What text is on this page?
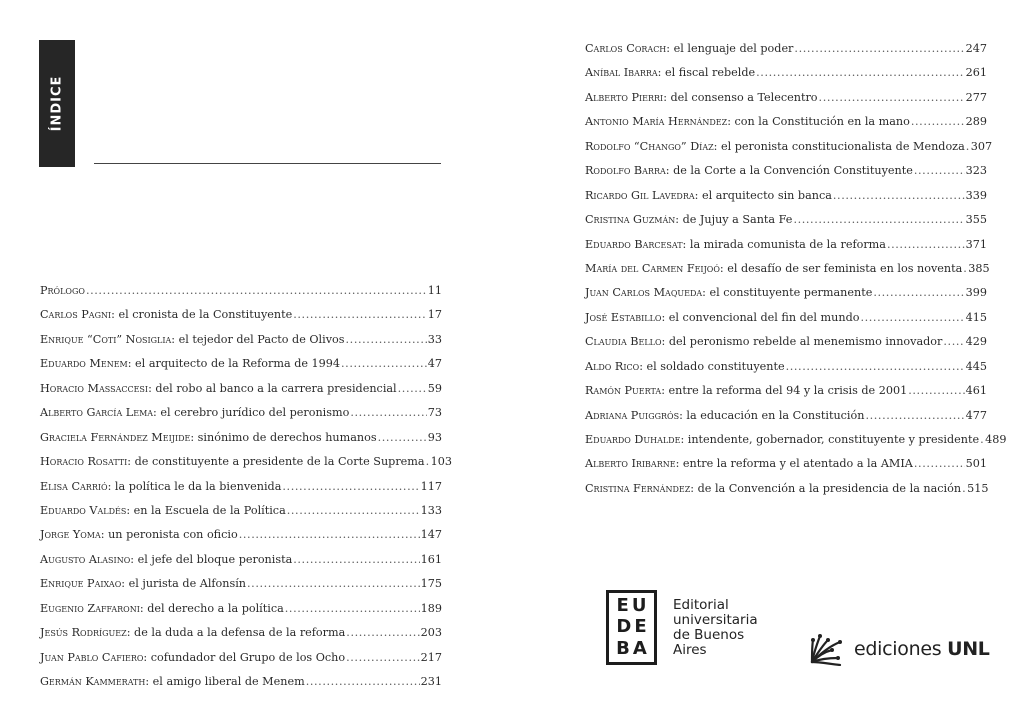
ÍNDICE
Prólogo .....	11
Carlos Pagni: el cronista de la Constituyente .....	17
Enrique “Coti” Nosiglia: el tejedor del Pacto de Olivos .....	33
Eduardo Menem: el arquitecto de la Reforma de 1994 .....	47
Horacio Massaccesi: del robo al banco a la carrera presidencial .....	59
Alberto García Lema: el cerebro jurídico del peronismo .....	73
Graciela Fernández Meijide: sinónimo de derechos humanos .....	93
Horacio Rosatti: de constituyente a presidente de la Corte Suprema ..... 103
Elisa Carrió: la política le da la bienvenida .....	117
Eduardo Valdés: en la Escuela de la Política .....	133
Jorge Yoma: un peronista con oficio .....	147
Augusto Alasino: el jefe del bloque peronista .....	161
Enrique Paixao: el jurista de Alfonsín .....	175
Eugenio Zaffaroni: del derecho a la política .....	189
Jesús Rodríguez: de la duda a la defensa de la reforma .....	203
Juan Pablo Cafiero: cofundador del Grupo de los Ocho .....	217
Germán Kammerath: el amigo liberal de Menem .....	231
Carlos Corach: el lenguaje del poder .....	247
Aníbal Ibarra: el fiscal rebelde .....	261
Alberto Pierri: del consenso a Telecentro .....	277
Antonio María Hernández: con la Constitución en la mano .....	289
Rodolfo “Chango” Díaz: el peronista constitucionalista de Mendoza ..... 307
Rodolfo Barra: de la Corte a la Convención Constituyente .....	323
Ricardo Gil Lavedra: el arquitecto sin banca .....	339
Cristina Guzmán: de Jujuy a Santa Fe .....	355
Eduardo Barcesat: la mirada comunista de la reforma .....	371
María del Carmen Feijoó: el desafío de ser feminista en los noventa ..... 385
Juan Carlos Maqueda: el constituyente permanente .....	399
José Estabillo: el convencional del fin del mundo .....	415
Claudia Bello: del peronismo rebelde al menemismo innovador ..... 429
Aldo Rico: el soldado constituyente .....	445
Ramón Puerta: entre la reforma del 94 y la crisis de 2001 .....	461
Adriana Puiggrós: la educación en la Constitución .....	477
Eduardo Duhalde: intendente, gobernador, constituyente y presidente ..... 489
Alberto Iribarne: entre la reforma y el atentado a la AMIA .....	501
Cristina Fernández: de la Convención a la presidencia de la nación ..... 515
EU
DE
BA
Editorial
universitaria
de Buenos
Aires	ediciones UNL
